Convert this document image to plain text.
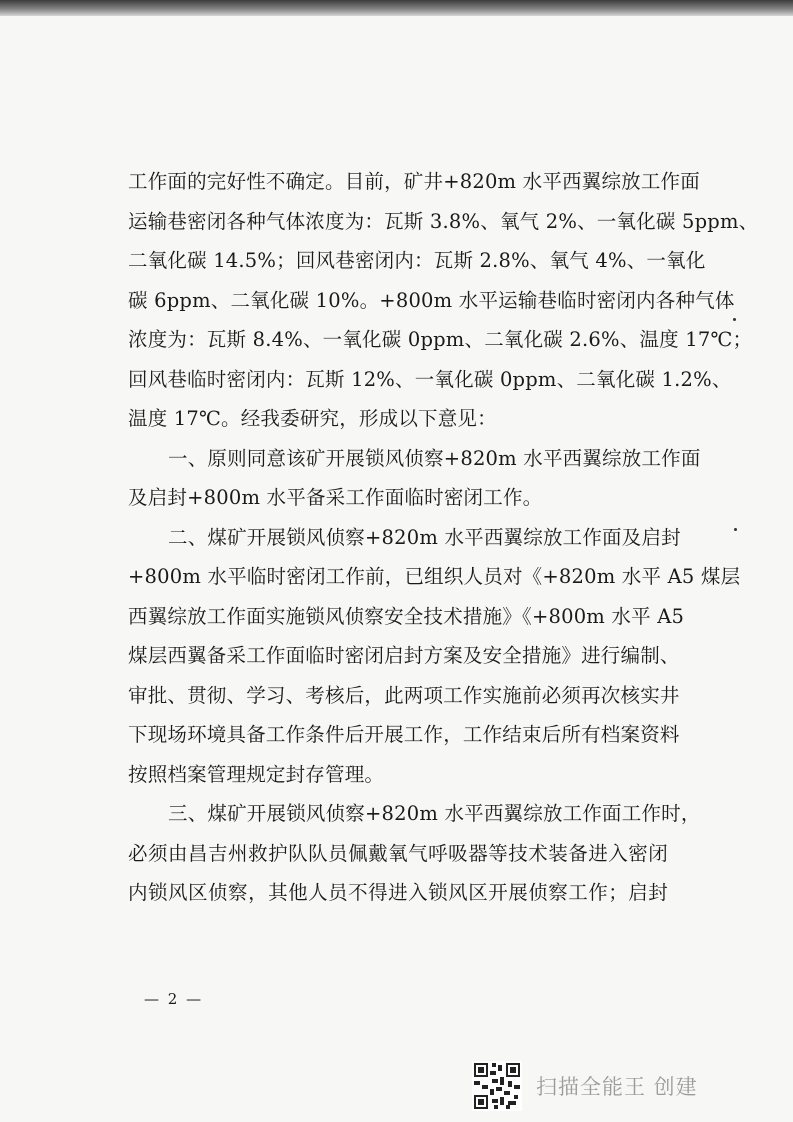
工作面的完好性不确定。目前，矿井+820m 水平西翼综放工作面
运输巷密闭各种气体浓度为：瓦斯 3.8%、氧气 2%、一氧化碳 5ppm、
二氧化碳 14.5%；回风巷密闭内：瓦斯 2.8%、氧气 4%、一氧化
碳 6ppm、二氧化碳 10%。+800m 水平运输巷临时密闭内各种气体
浓度为：瓦斯 8.4%、一氧化碳 0ppm、二氧化碳 2.6%、温度 17℃；
回风巷临时密闭内：瓦斯 12%、一氧化碳 0ppm、二氧化碳 1.2%、
温度 17℃。经我委研究，形成以下意见：
一、原则同意该矿开展锁风侦察+820m 水平西翼综放工作面
及启封+800m 水平备采工作面临时密闭工作。
二、煤矿开展锁风侦察+820m 水平西翼综放工作面及启封
+800m 水平临时密闭工作前，已组织人员对《+820m 水平 A5 煤层
西翼综放工作面实施锁风侦察安全技术措施》《+800m 水平 A5
煤层西翼备采工作面临时密闭启封方案及安全措施》进行编制、
审批、贯彻、学习、考核后，此两项工作实施前必须再次核实井
下现场环境具备工作条件后开展工作，工作结束后所有档案资料
按照档案管理规定封存管理。
三、煤矿开展锁风侦察+820m 水平西翼综放工作面工作时，
必须由昌吉州救护队队员佩戴氧气呼吸器等技术装备进入密闭
内锁风区侦察，其他人员不得进入锁风区开展侦察工作；启封
— 2 —
扫描全能王 创建
